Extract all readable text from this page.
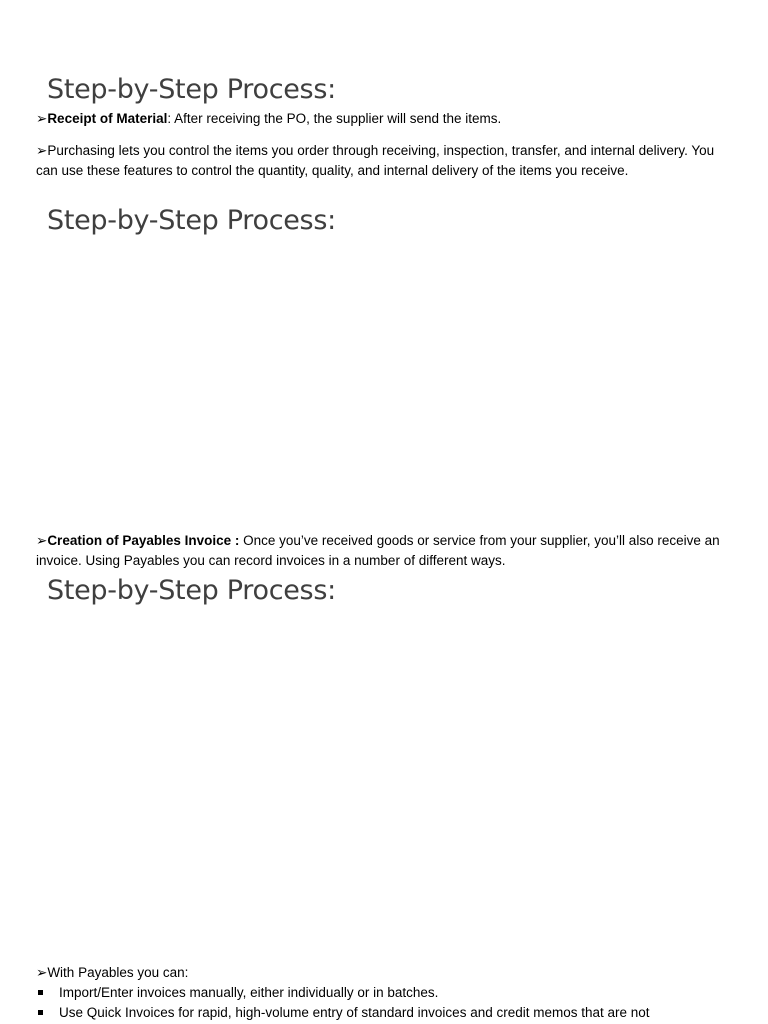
Step-by-Step Process:

➢Receipt of Material: After receiving the PO, the supplier will send the items.

➢Purchasing lets you control the items you order through receiving, inspection, transfer, and internal delivery. You can use these features to control the quantity, quality, and internal delivery of the items you receive.

Step-by-Step Process:

➢Creation of Payables Invoice : Once you’ve received goods or service from your supplier, you’ll also receive an invoice. Using Payables you can record invoices in a number of different ways.

Step-by-Step Process:

➢With Payables you can:

Import/Enter invoices manually, either individually or in batches.
Use Quick Invoices for rapid, high-volume entry of standard invoices and credit memos that are not
